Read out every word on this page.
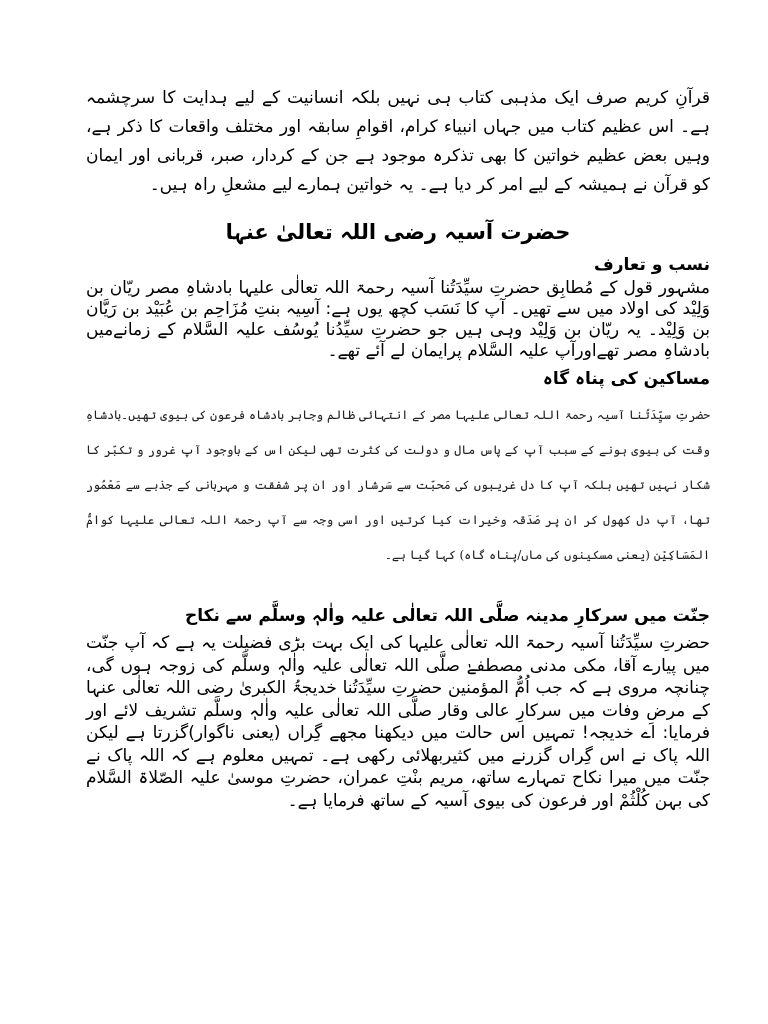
قرآنِ کریم صرف ایک مذہبی کتاب ہی نہیں بلکہ انسانیت کے لیے ہدایت کا سرچشمہ ہے۔ اس عظیم کتاب میں جہاں انبیاء کرام، اقوامِ سابقہ اور مختلف واقعات کا ذکر ہے، وہیں بعض عظیم خواتین کا بھی تذکرہ موجود ہے جن کے کردار، صبر، قربانی اور ایمان کو قرآن نے ہمیشہ کے لیے امر کر دیا ہے۔ یہ خواتین ہمارے لیے مشعلِ راہ ہیں۔

حضرت آسیہ رضی اللہ تعالیٰ عنہا
نسب و تعارف

مشہور قول کے مُطابِق حضرتِ سیِّدَتُنا آسیہ رحمۃ اللہ تعالٰی علیہا بادشاہِ مصر ریّان بن وَلِیْد کی اولاد میں سے تھیں۔ آپ کا نَسَب کچھ یوں ہے: آسِیہ بنتِ مُزَاحِم بن عُبَیْد بن رَیَّان بن وَلِیْد۔ یہ ریّان بن وَلِیْد وہی ہیں جو حضرتِ سیِّدُنا یُوسُف علیہ السَّلام کے زمانےمیں بادشاہِ مصر تھےاورآپ علیہ السَّلام پرایمان لے آئے تھے۔

مساکین کی پناہ گاہ

حضرتِ سیِّدَتُنا آسیہ رحمۃ اللہ تعالی علیہا مصر کے انتہائی ظالم وجابر بادشاہ فرعون کی بیوی تھیں۔بادشاہِ وقت کی بیوی ہونے کے سبب آپ کے پاس مال و دولت کی کثرت تھی لیکن اس کے باوجود آپ غرور و تکبّر کا شکار نہیں تھیں بلکہ آپ کا دل غریبوں کی مَحبّت سے سَرشار اور ان پر شفقت و مہربانی کے جذبے سے مَعْمُور تھا، آپ دل کھول کر ان پر صَدَقہ وخیرات کیا کرتیں اور اسی وجہ سے آپ رحمۃ اللہ تعالی علیہا کوامُّ المَسَاکِیْن (یعنی مسکینوں کی ماں/پناہ گاہ) کہا گیا ہے۔

جنّت میں سرکارِ مدینہ صلَّی اللہ تعالٰی علیہ واٰلہٖ وسلَّم سے نکاح

حضرتِ سیِّدَتُنا آسیہ رحمۃ اللہ تعالٰی علیہا کی ایک بہت بڑی فضیلت یہ ہے کہ آپ جنّت میں پیارے آقا، مکی مدنی مصطفےٰ صلَّی اللہ تعالٰی علیہ واٰلہٖ وسلَّم کی زوجہ ہوں گی، چنانچہ مروی ہے کہ جب اُمُّ المؤمنین حضرتِ سیِّدَتُنا خدیجۃُ الکبریٰ رضی اللہ تعالٰی عنہا کے مرضِ وفات میں سرکارِ عالی وقار صلَّی اللہ تعالٰی علیہ واٰلہٖ وسلَّم تشریف لائے اور فرمایا: اے خدیجہ! تمہیں اس حالت میں دیکھنا مجھے گِراں (یعنی ناگوار)گزرتا ہے لیکن اللہ پاک نے اس گِراں گزرنے میں کثیربھلائی رکھی ہے۔ تمہیں معلوم ہے کہ اللہ پاک نے جنّت میں میرا نکاح تمہارے ساتھ، مریم بنْتِ عمران، حضرتِ موسیٰ علیہ الصّلاۃ السَّلام کی بہن کُلْثُمْ اور فرعون کی بیوی آسیہ کے ساتھ فرمایا ہے۔
